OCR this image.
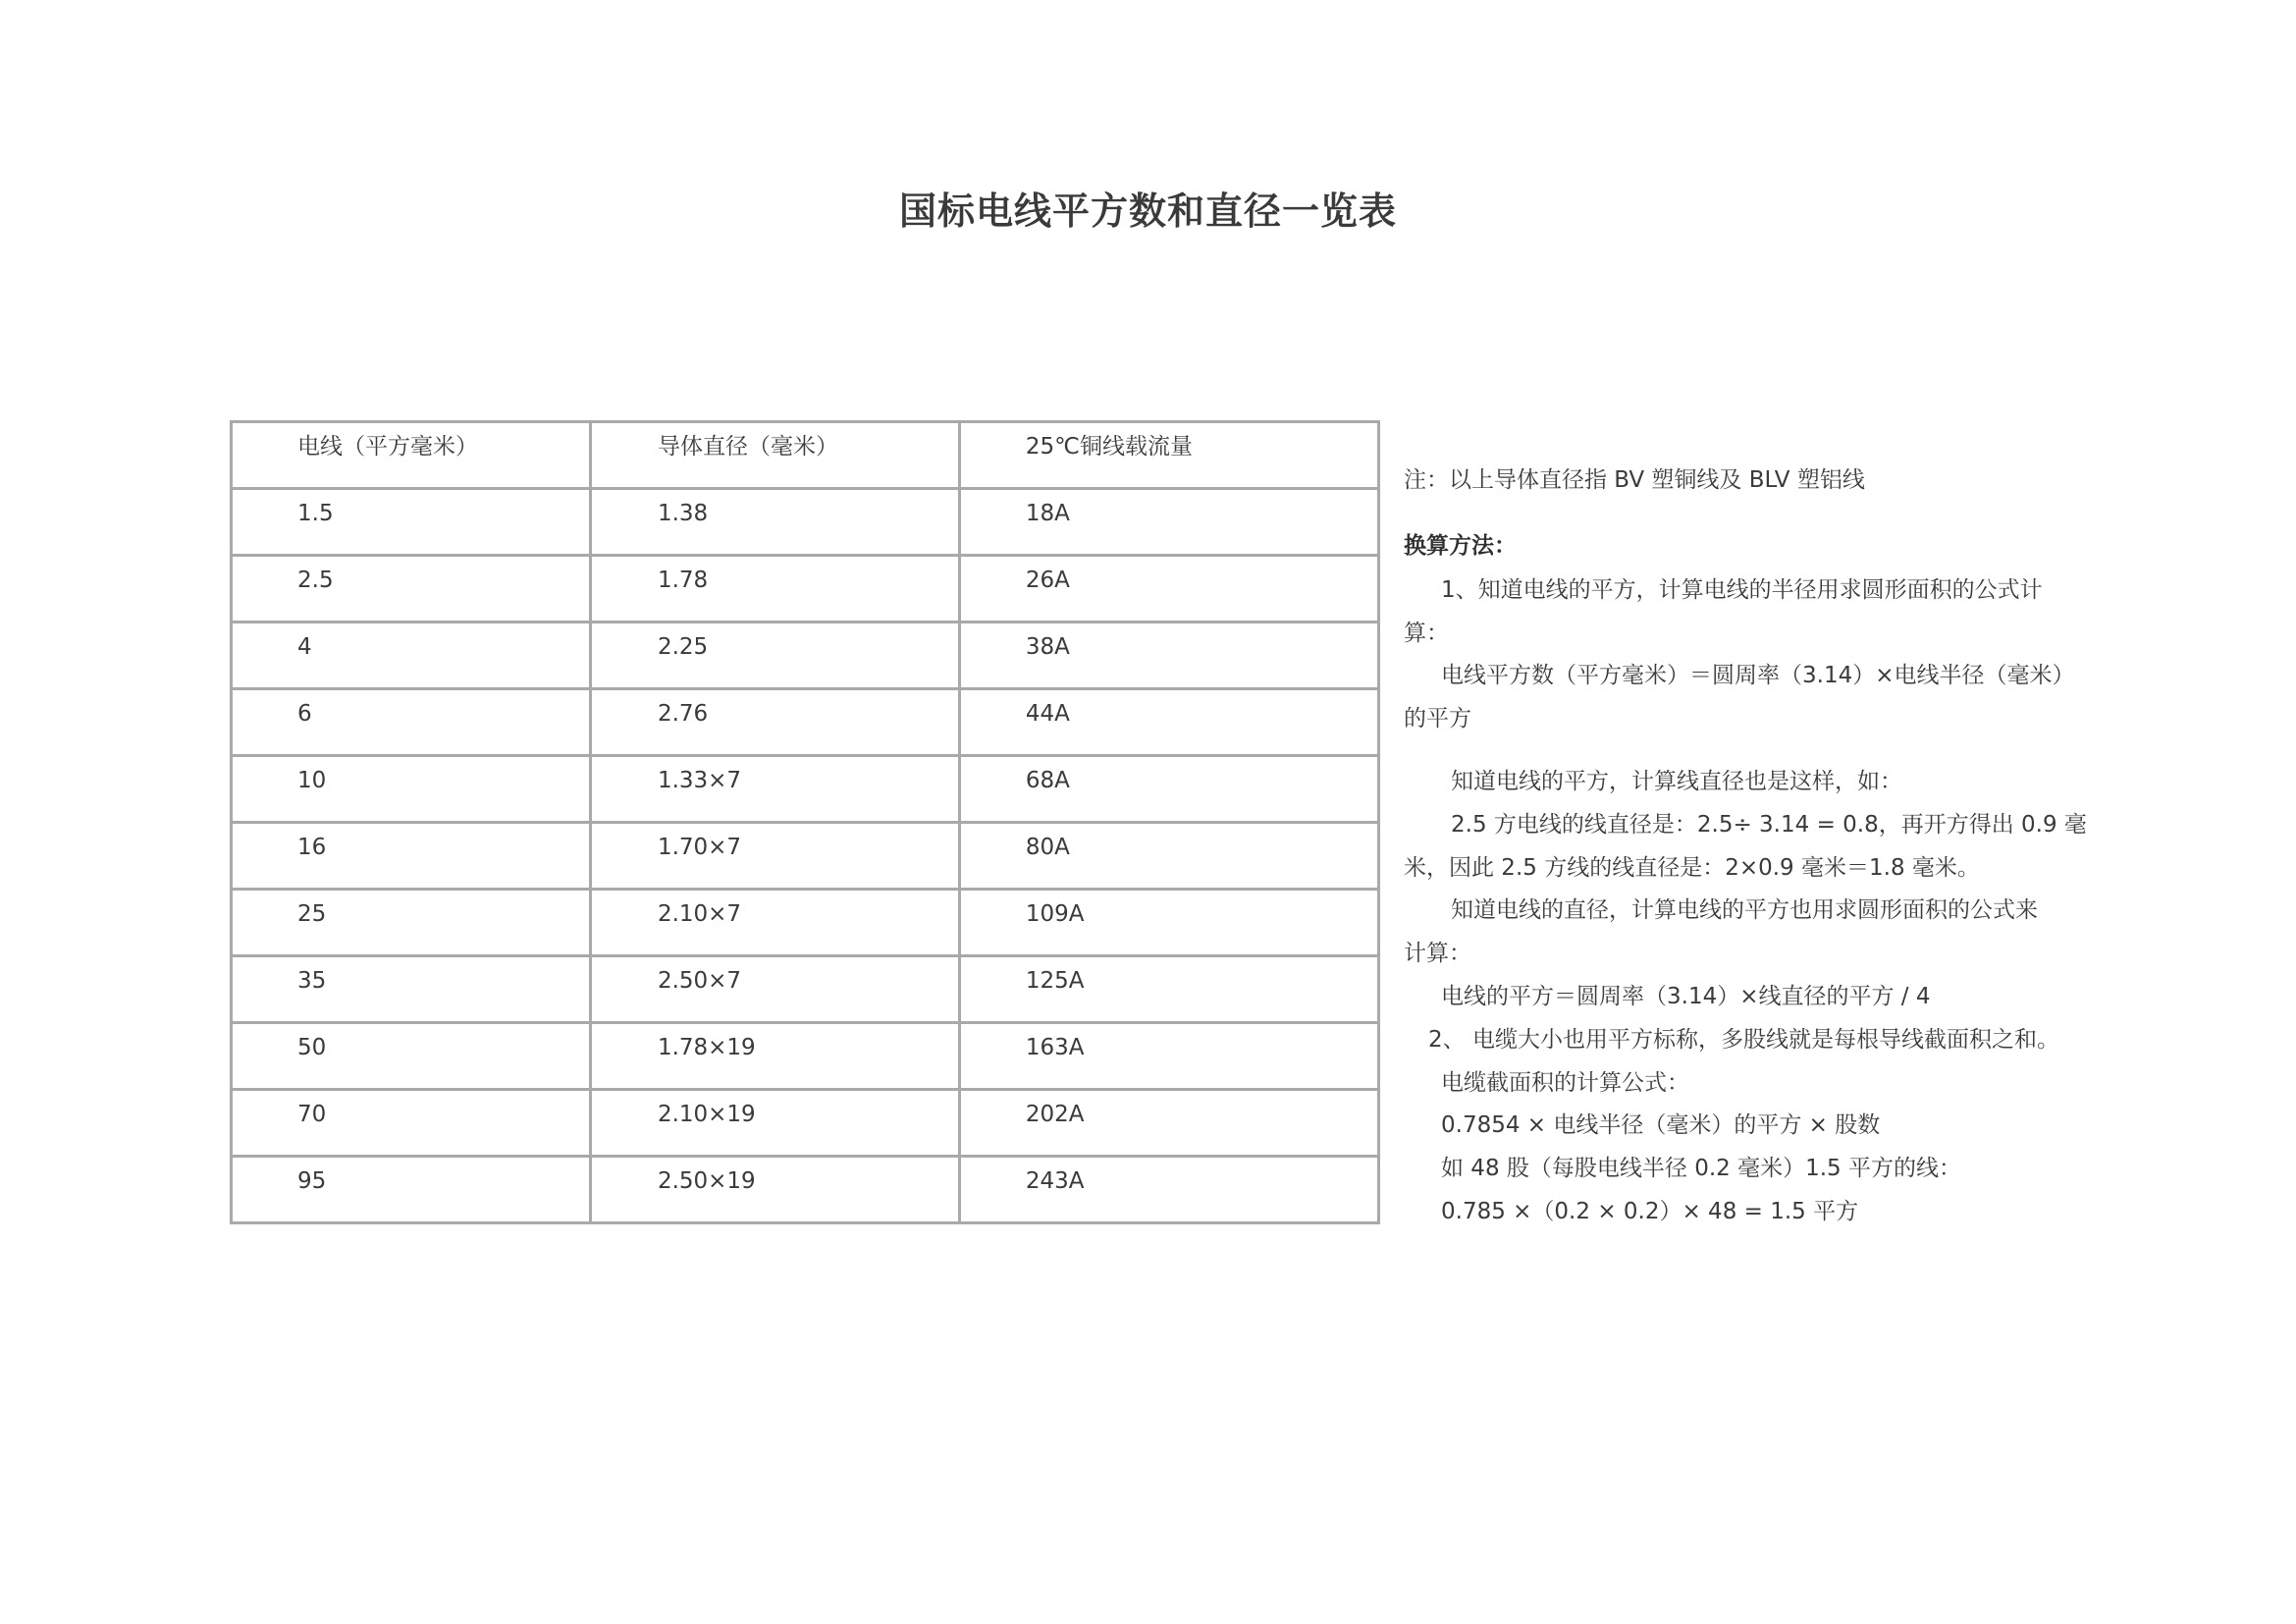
国标电线平方数和直径一览表
电线（平方毫米）	导体直径（毫米）	25℃铜线载流量

1.5	1.38	18A

2.5	1.78	26A

4	2.25	38A

6	2.76	44A

10	1.33×7	68A

16	1.70×7	80A

25	2.10×7	109A

35	2.50×7	125A

50	1.78×19	163A

70	2.10×19	202A

95	2.50×19	243A
注：以上导体直径指 BV 塑铜线及 BLV 塑铝线
换算方法：
1、知道电线的平方，计算电线的半径用求圆形面积的公式计
算：
电线平方数（平方毫米）＝圆周率（3.14）×电线半径（毫米）
的平方
知道电线的平方，计算线直径也是这样，如：
2.5 方电线的线直径是：2.5÷ 3.14 = 0.8，再开方得出 0.9 毫
米，因此 2.5 方线的线直径是：2×0.9 毫米＝1.8 毫米。
知道电线的直径，计算电线的平方也用求圆形面积的公式来
计算：
电线的平方＝圆周率（3.14）×线直径的平方 / 4
2、 电缆大小也用平方标称，多股线就是每根导线截面积之和。
电缆截面积的计算公式：
0.7854 × 电线半径（毫米）的平方 × 股数
如 48 股（每股电线半径 0.2 毫米）1.5 平方的线：
0.785 ×（0.2 × 0.2）× 48 = 1.5 平方
